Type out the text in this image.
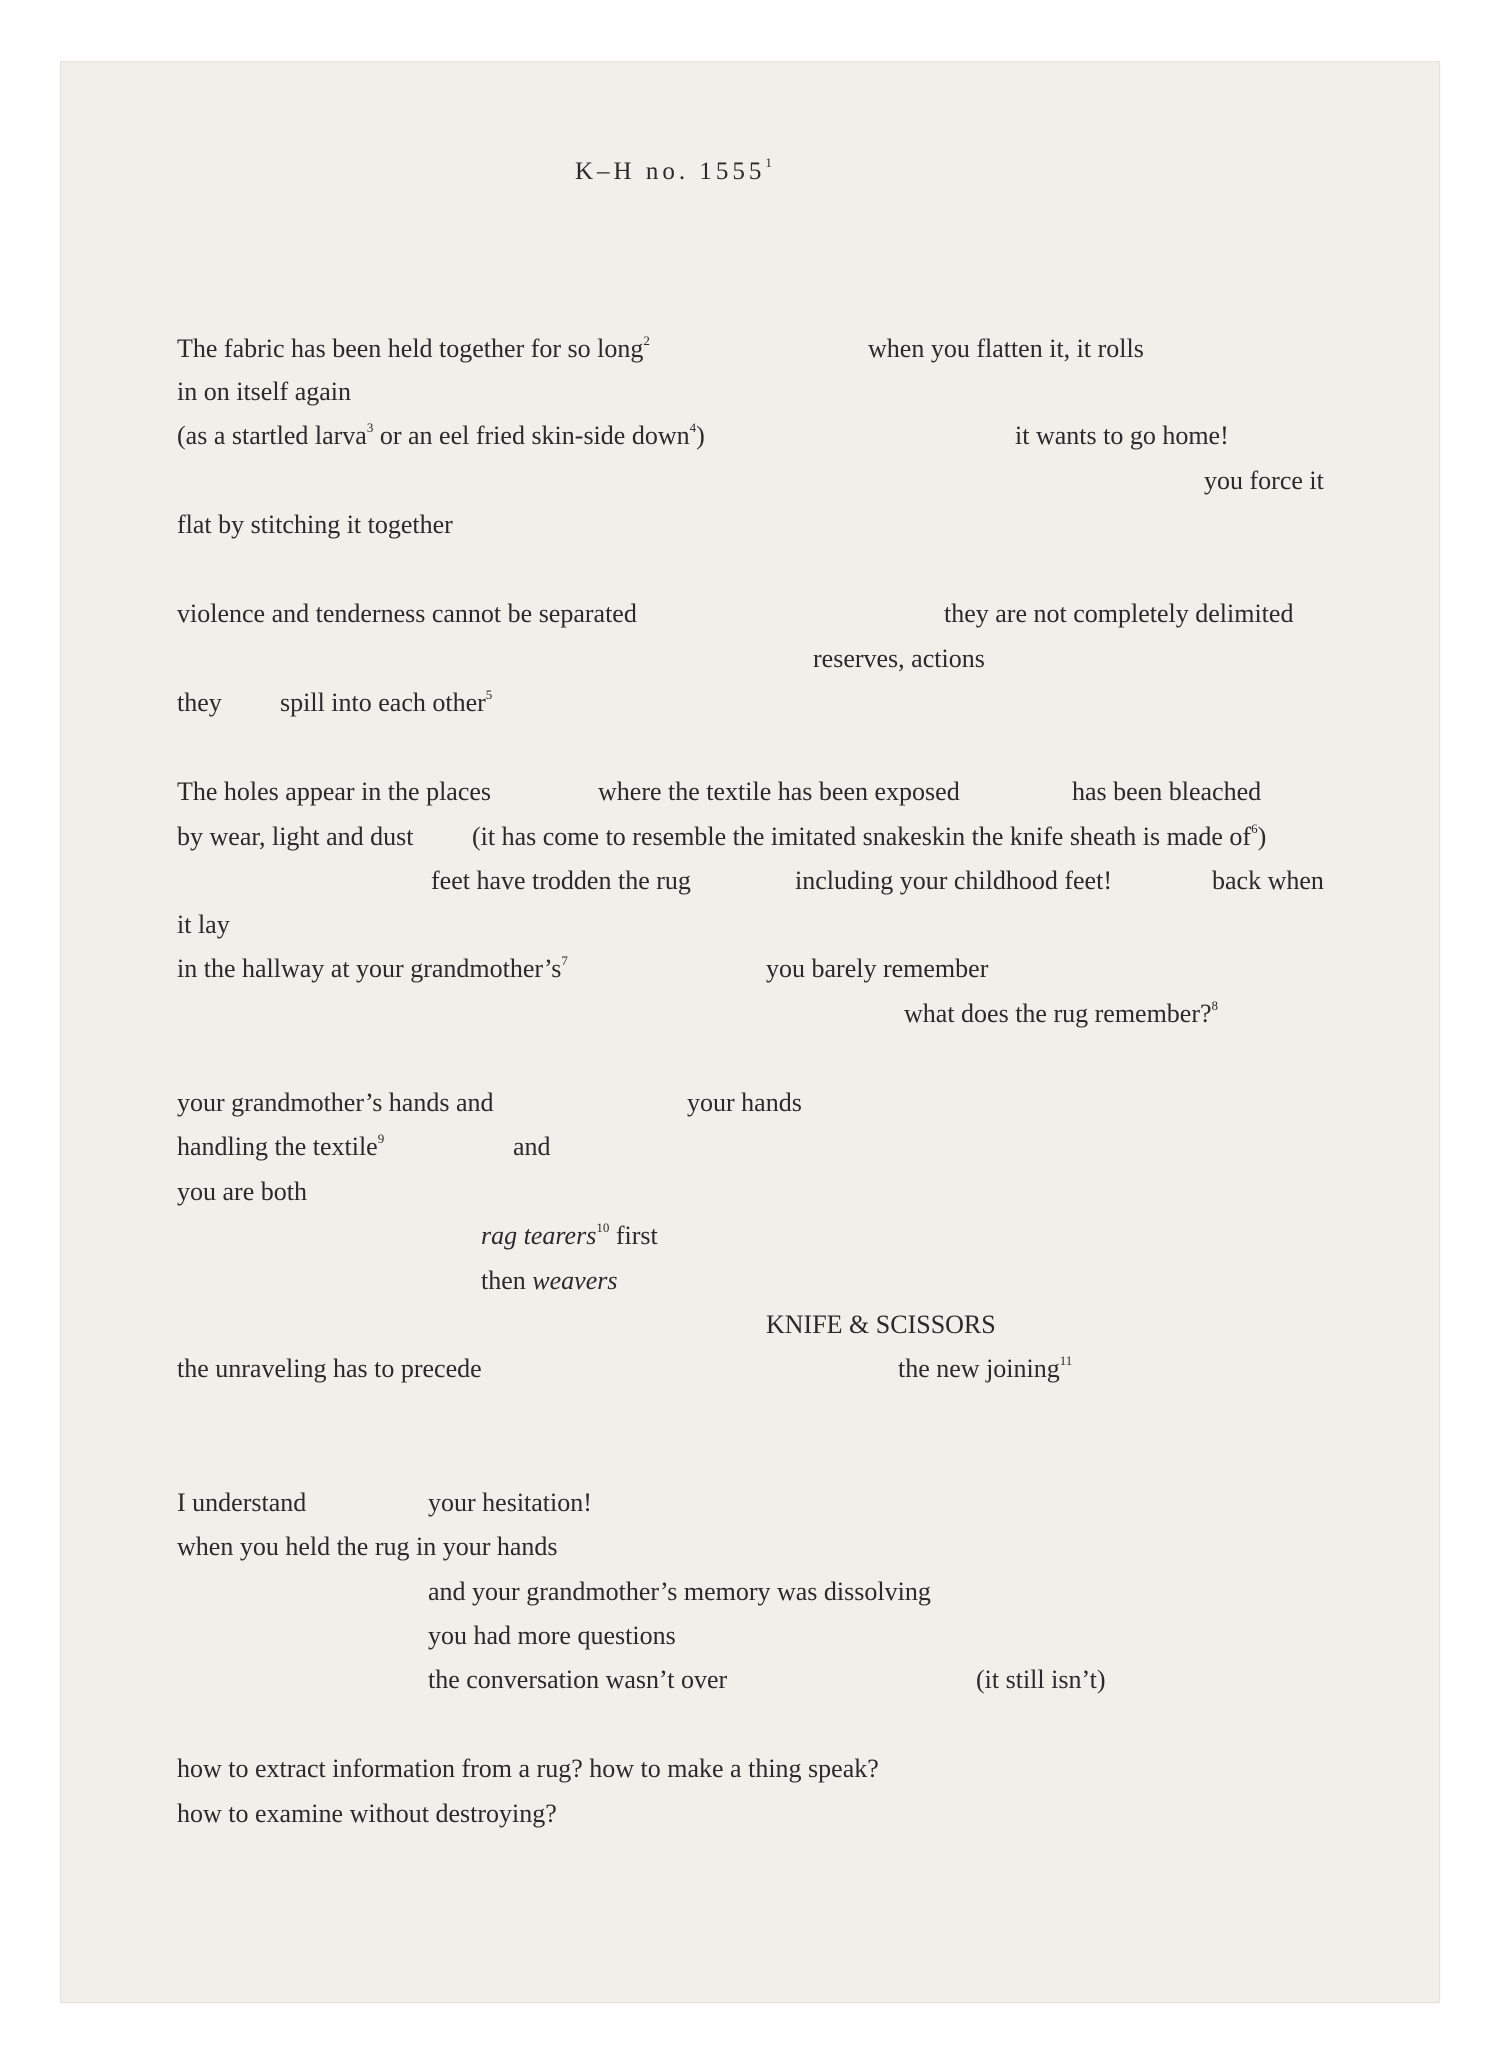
K–H no. 1555$^1$
The fabric has been held together for so long$^2$	when you flatten it, it rolls
in on itself again
(as a startled larva$^3$ or an eel fried skin-side down$^4$)	it wants to go home!
you force it
flat by stitching it together
violence and tenderness cannot be separated	they are not completely delimited
reserves, actions
they spill into each other$^5$
The holes appear in the places	where the textile has been exposed	has been bleached
by wear, light and dust (it has come to resemble the imitated snakeskin the knife sheath is made $of^6$)
feet have trodden the rug	including your childhood feet!	back when
it lay
in the hallway at your $grandmother’s^7$	you barely remember
what does the rug remember?$^8$
your grandmother’s hands and	your hands
handling the textile$^9$	and
you are both
rag tearers$^{10}$ first
then weavers
KNIFE & SCISSORS
the unraveling has to precede	the new joining$^{11}$
I understand	your hesitation!
when you held the rug in your hands
and your grandmother’s memory was dissolving
you had more questions
the conversation wasn’t over	(it still isn’t)
how to extract information from a rug? how to make a thing speak?
how to examine without destroying?
